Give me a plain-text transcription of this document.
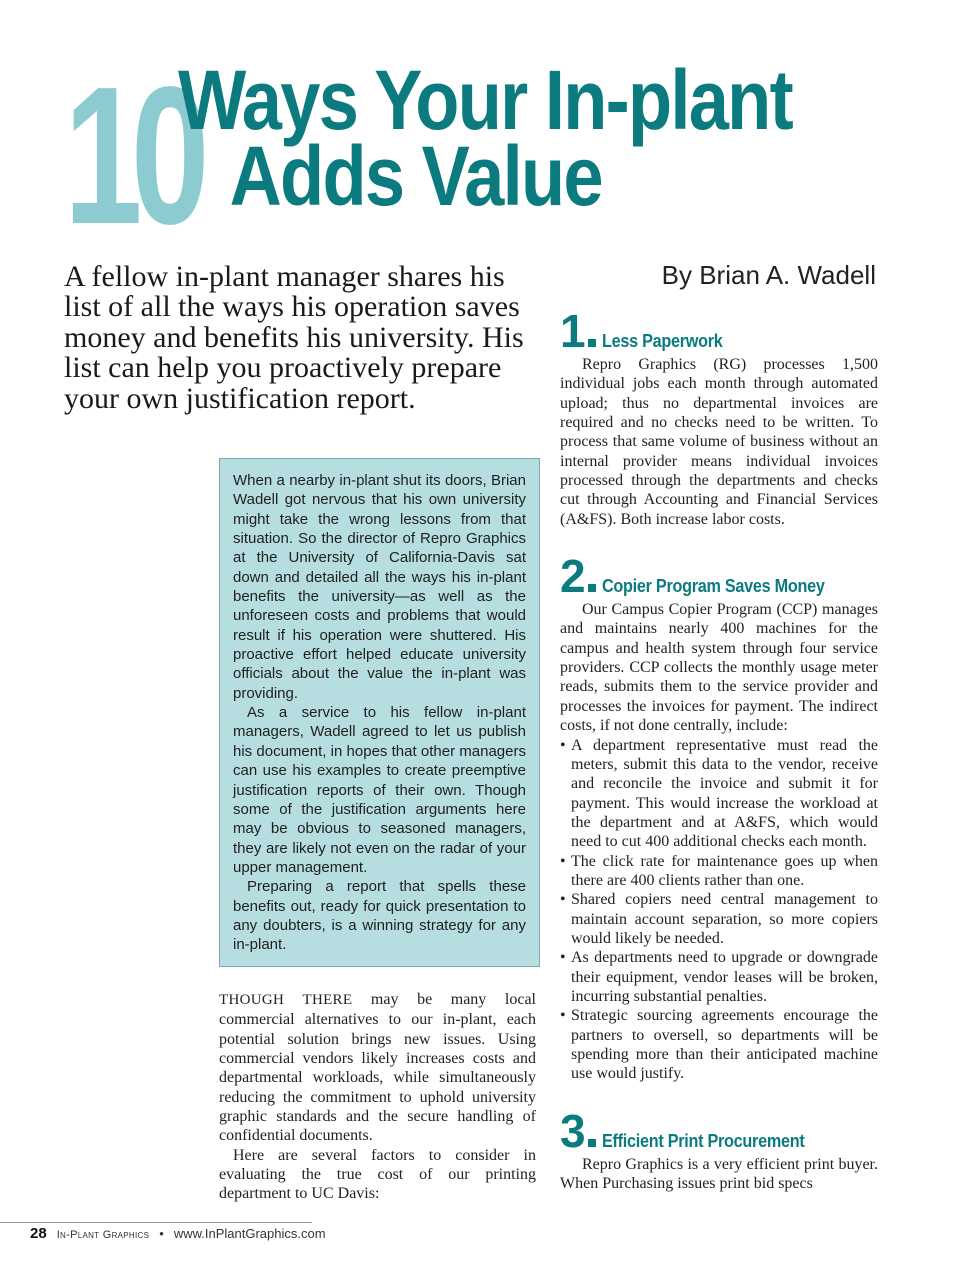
10
Ways Your In-plant
Adds Value

A fellow in-plant manager shares his list of all the ways his operation saves money and benefits his university. His list can help you proactively prepare your own justification report.

By Brian A. Wadell

When a nearby in-plant shut its doors, Brian Wadell got nervous that his own university might take the wrong lessons from that situation. So the director of Repro Graphics at the University of California-Davis sat down and detailed all the ways his in-plant benefits the university—as well as the unforeseen costs and problems that would result if his operation were shuttered. His proactive effort helped educate university officials about the value the in-plant was providing.

As a service to his fellow in-plant managers, Wadell agreed to let us publish his document, in hopes that other managers can use his examples to create preemptive justification reports of their own. Though some of the justification arguments here may be obvious to seasoned managers, they are likely not even on the radar of your upper management.

Preparing a report that spells these benefits out, ready for quick presentation to any doubters, is a winning strategy for any in-plant.

THOUGH THERE may be many local commercial alternatives to our in-plant, each potential solution brings new issues. Using commercial vendors likely increases costs and departmental workloads, while simultaneously reducing the commitment to uphold university graphic standards and the secure handling of confidential documents.

Here are several factors to consider in evaluating the true cost of our printing department to UC Davis:

1 Less Paperwork

Repro Graphics (RG) processes 1,500 individual jobs each month through automated upload; thus no departmental invoices are required and no checks need to be written. To process that same volume of business without an internal provider means individual invoices processed through the departments and checks cut through Accounting and Financial Services (A&FS). Both increase labor costs.

2 Copier Program Saves Money

Our Campus Copier Program (CCP) manages and maintains nearly 400 machines for the campus and health system through four service providers. CCP collects the monthly usage meter reads, submits them to the service provider and processes the invoices for payment. The indirect costs, if not done centrally, include:

• A department representative must read the meters, submit this data to the vendor, receive and reconcile the invoice and submit it for payment. This would increase the workload at the department and at A&FS, which would need to cut 400 additional checks each month.
• The click rate for maintenance goes up when there are 400 clients rather than one.
• Shared copiers need central management to maintain account separation, so more copiers would likely be needed.
• As departments need to upgrade or downgrade their equipment, vendor leases will be broken, incurring substantial penalties.
• Strategic sourcing agreements encourage the partners to oversell, so departments will be spending more than their anticipated machine use would justify.
3 Efficient Print Procurement

Repro Graphics is a very efficient print buyer. When Purchasing issues print bid specs

28 In-Plant Graphics • www.InPlantGraphics.com
